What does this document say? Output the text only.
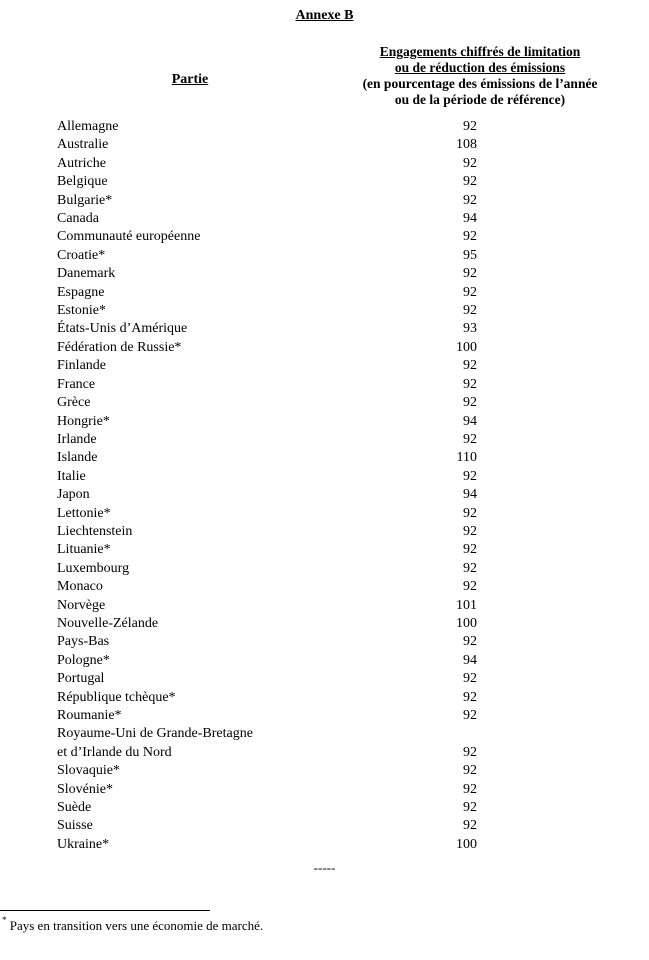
Annexe B
Partie
Engagements chiffrés de limitation
ou de réduction des émissions
(en pourcentage des émissions de l’année
ou de la période de référence)
Allemagne	92
Australie	108
Autriche	92
Belgique	92
Bulgarie*	92
Canada	94
Communauté européenne	92
Croatie*	95
Danemark	92
Espagne	92
Estonie*	92
États-Unis d’Amérique	93
Fédération de Russie*	100
Finlande	92
France	92
Grèce	92
Hongrie*	94
Irlande	92
Islande	110
Italie	92
Japon	94
Lettonie*	92
Liechtenstein	92
Lituanie*	92
Luxembourg	92
Monaco	92
Norvège	101
Nouvelle-Zélande	100
Pays-Bas	92
Pologne*	94
Portugal	92
République tchèque*	92
Roumanie*	92
Royaume-Uni de Grande-Bretagne
et d’Irlande du Nord	92
Slovaquie*	92
Slovénie*	92
Suède	92
Suisse	92
Ukraine*	100
-----
* Pays en transition vers une économie de marché.
